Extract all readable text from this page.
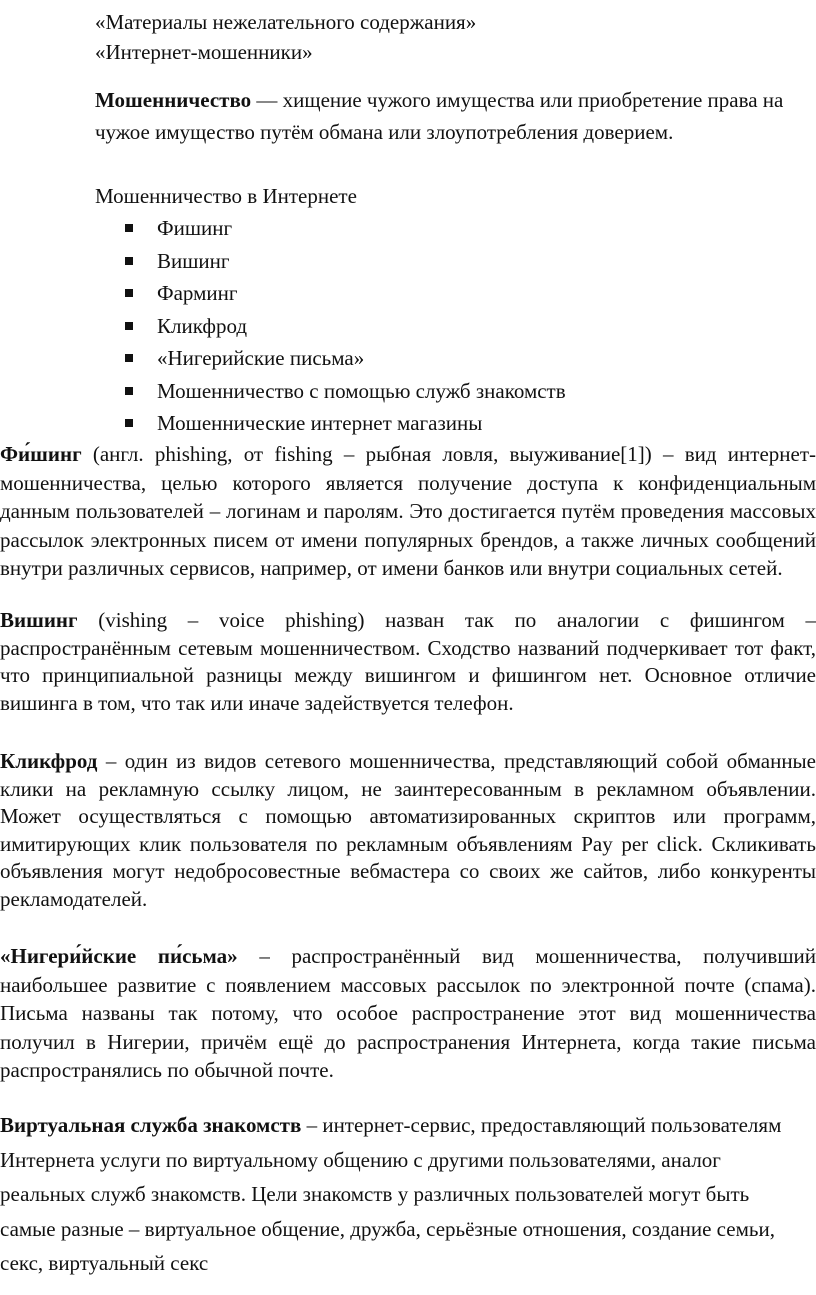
«Материалы нежелательного содержания»
«Интернет-мошенники»
Мошенничество — хищение чужого имущества или приобретение права на чужое имущество путём обмана или злоупотребления доверием.
Мошенничество в Интернете
Фишинг
Вишинг
Фарминг
Кликфрод
«Нигерийские письма»
Мошенничество с помощью служб знакомств
Мошеннические интернет магазины
Фи́шинг (англ. phishing, от fishing – рыбная ловля, выуживание[1]) – вид интернет-мошенничества, целью которого является получение доступа к конфиденциальным данным пользователей – логинам и паролям. Это достигается путём проведения массовых рассылок электронных писем от имени популярных брендов, а также личных сообщений внутри различных сервисов, например, от имени банков или внутри социальных сетей.
Вишинг (vishing – voice phishing) назван так по аналогии с фишингом – распространённым сетевым мошенничеством. Сходство названий подчеркивает тот факт, что принципиальной разницы между вишингом и фишингом нет. Основное отличие вишинга в том, что так или иначе задействуется телефон.
Кликфрод – один из видов сетевого мошенничества, представляющий собой обманные клики на рекламную ссылку лицом, не заинтересованным в рекламном объявлении. Может осуществляться с помощью автоматизированных скриптов или программ, имитирующих клик пользователя по рекламным объявлениям Pay per click. Скликивать объявления могут недобросовестные вебмастера со своих же сайтов, либо конкуренты рекламодателей.
«Нигери́йские пи́сьма» – распространённый вид мошенничества, получивший наибольшее развитие с появлением массовых рассылок по электронной почте (спама). Письма названы так потому, что особое распространение этот вид мошенничества получил в Нигерии, причём ещё до распространения Интернета, когда такие письма распространялись по обычной почте.
Виртуальная служба знакомств – интернет-сервис, предоставляющий пользователям Интернета услуги по виртуальному общению с другими пользователями, аналог реальных служб знакомств. Цели знакомств у различных пользователей могут быть самые разные – виртуальное общение, дружба, серьёзные отношения, создание семьи, секс, виртуальный секс
